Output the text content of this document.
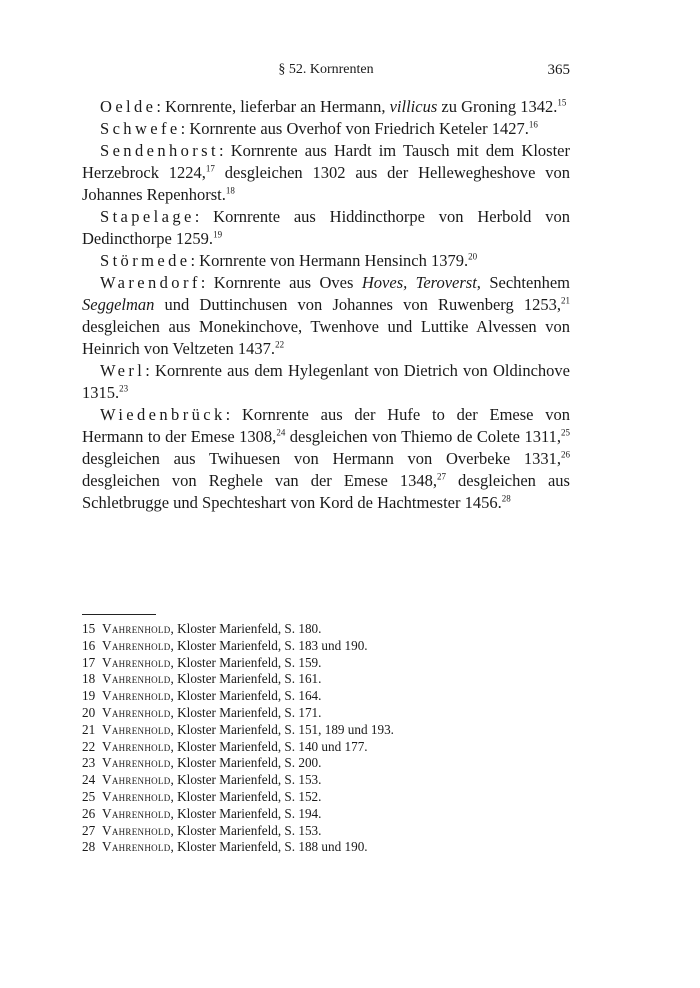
§ 52. Kornrenten	365

Oelde: Kornrente, lieferbar an Hermann, villicus zu Groning 1342.15

Schwefe: Kornrente aus Overhof von Friedrich Keteler 1427.16

Sendenhorst: Kornrente aus Hardt im Tausch mit dem Kloster Herzebrock 1224,17 desgleichen 1302 aus der Hellewegheshove von Johannes Repenhorst.$^{18}$

Stapelage: Kornrente aus Hiddincthorpe von Herbold von Dedincthorpe 1259.19

Störmede: Kornrente von Hermann Hensinch 1379.20

Warendorf: Kornrente aus Oves Hoves, Teroverst, Sechtenhem Seggelman und Duttinchusen von Johannes von Ruwenberg 1253,21 desgleichen aus Monekinchove, Twenhove und Luttike Alvessen von Heinrich von Veltzeten 1437.22

Werl: Kornrente aus dem Hylegenlant von Dietrich von Oldinchove 1315.23

Wiedenbrück: Kornrente aus der Hufe to der Emese von Hermann to der Emese 1308,24 desgleichen von Thiemo de Colete 1311,25 desgleichen aus Twihuesen von Hermann von Overbeke 1331,26 desgleichen von Reghele van der Emese 1348,27 desgleichen aus Schletbrugge und Spechteshart von Kord de Hachtmester 1456.28

15 Vahrenhold, Kloster Marienfeld, S. 180.
16 Vahrenhold, Kloster Marienfeld, S. 183 und 190.
17 Vahrenhold, Kloster Marienfeld, S. 159.
18 Vahrenhold, Kloster Marienfeld, S. 161.
19 Vahrenhold, Kloster Marienfeld, S. 164.
20 Vahrenhold, Kloster Marienfeld, S. 171.
21 Vahrenhold, Kloster Marienfeld, S. 151, 189 und 193.
22 Vahrenhold, Kloster Marienfeld, S. 140 und 177.
23 Vahrenhold, Kloster Marienfeld, S. 200.
24 Vahrenhold, Kloster Marienfeld, S. 153.
25 Vahrenhold, Kloster Marienfeld, S. 152.
26 Vahrenhold, Kloster Marienfeld, S. 194.
27 Vahrenhold, Kloster Marienfeld, S. 153.
28 Vahrenhold, Kloster Marienfeld, S. 188 und 190.
